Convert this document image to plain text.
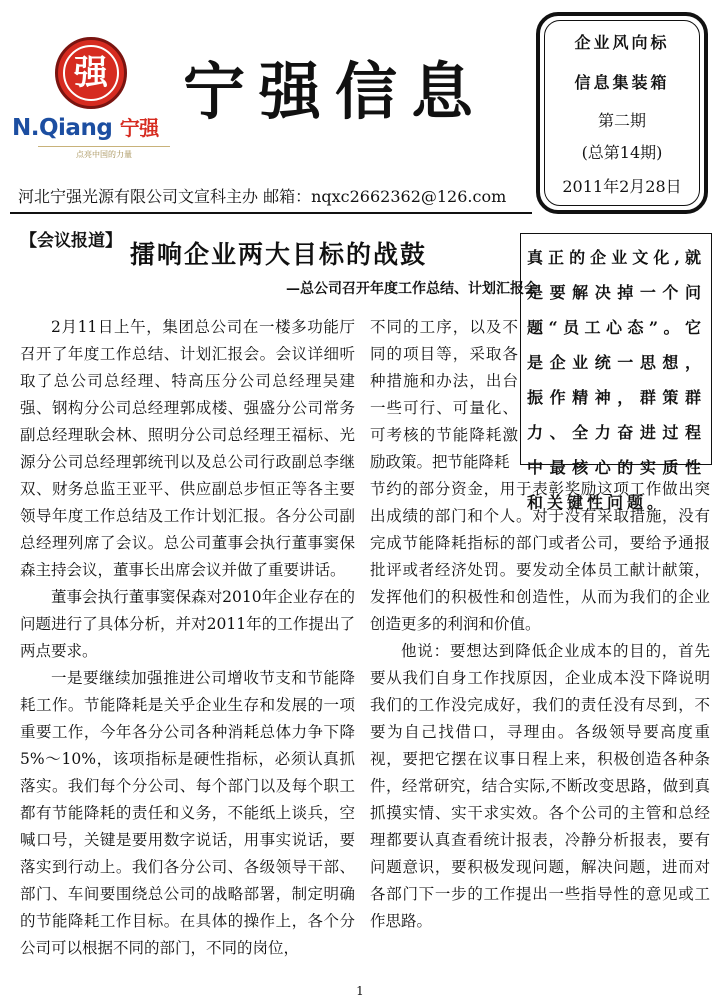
强
N.Qiang 宁强
点亮中国的力量
宁强信息
河北宁强光源有限公司文宣科主办 邮箱：nqxc2662362@126.com
企业风向标
信息集装箱
第二期
(总第14期)
2011年2月28日
【会议报道】 擂响企业两大目标的战鼓
—总公司召开年度工作总结、计划汇报会
真正的企业文化,就是要解决掉一个问题“员工心态”。它是企业统一思想，振作精神，群策群力、全力奋进过程中最核心的实质性和关键性问题。

2月11日上午，集团总公司在一楼多功能厅召开了年度工作总结、计划汇报会。会议详细听取了总公司总经理、特高压分公司总经理吴建强、钢构分公司总经理郭成楼、强盛分公司常务副总经理耿会林、照明分公司总经理王福标、光源分公司总经理郭统刊以及总公司行政副总李继双、财务总监王亚平、供应副总步恒正等各主要领导年度工作总结及工作计划汇报。各分公司副总经理列席了会议。总公司董事会执行董事窦保森主持会议，董事长出席会议并做了重要讲话。

董事会执行董事窦保森对2010年企业存在的问题进行了具体分析，并对2011年的工作提出了两点要求。

一是要继续加强推进公司增收节支和节能降耗工作。节能降耗是关乎企业生存和发展的一项重要工作，今年各分公司各种消耗总体力争下降5%～10%，该项指标是硬性指标，必须认真抓落实。我们每个分公司、每个部门以及每个职工都有节能降耗的责任和义务，不能纸上谈兵，空喊口号，关键是要用数字说话，用事实说话，要落实到行动上。我们各分公司、各级领导干部、部门、车间要围绕总公司的战略部署，制定明确的节能降耗工作目标。在具体的操作上，各个分公司可以根据不同的部门，不同的岗位，

不同的工序，以及不同的项目等，采取各种措施和办法，出台一些可行、可量化、可考核的节能降耗激励政策。把节能降耗

节约的部分资金，用于表彰奖励这项工作做出突出成绩的部门和个人。对于没有采取措施，没有完成节能降耗指标的部门或者公司，要给予通报批评或者经济处罚。要发动全体员工献计献策，发挥他们的积极性和创造性，从而为我们的企业创造更多的利润和价值。

他说：要想达到降低企业成本的目的，首先要从我们自身工作找原因，企业成本没下降说明我们的工作没完成好，我们的责任没有尽到，不要为自己找借口，寻理由。各级领导要高度重视，要把它摆在议事日程上来，积极创造各种条件，经常研究，结合实际,不断改变思路，做到真抓摸实情、实干求实效。各个公司的主管和总经理都要认真查看统计报表，冷静分析报表，要有问题意识，要积极发现问题，解决问题，进而对各部门下一步的工作提出一些指导性的意见或工作思路。

1
